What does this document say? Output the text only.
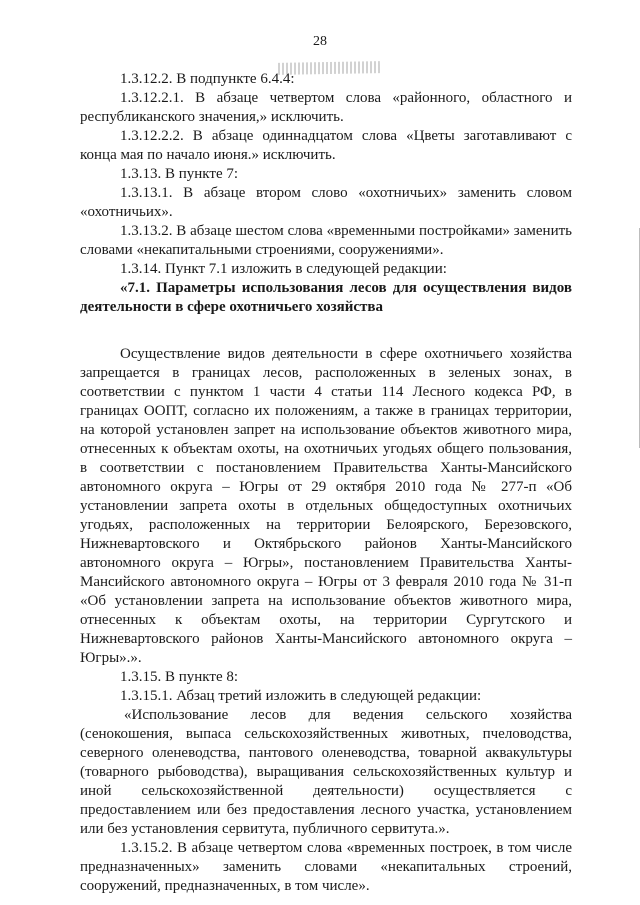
28

1.3.12.2. В подпункте 6.4.4:

1.3.12.2.1. В абзаце четвертом слова «районного, областного и республиканского значения,» исключить.

1.3.12.2.2. В абзаце одиннадцатом слова «Цветы заготавливают с конца мая по начало июня.» исключить.

1.3.13. В пункте 7:

1.3.13.1. В абзаце втором слово «охотничьих» заменить словом «охотничьих».

1.3.13.2. В абзаце шестом слова «временными постройками» заменить словами «некапитальными строениями, сооружениями».

1.3.14. Пункт 7.1 изложить в следующей редакции:

«7.1. Параметры использования лесов для осуществления видов деятельности в сфере охотничьего хозяйства

Осуществление видов деятельности в сфере охотничьего хозяйства запрещается в границах лесов, расположенных в зеленых зонах, в соответствии с пунктом 1 части 4 статьи 114 Лесного кодекса РФ, в границах ООПТ, согласно их положениям, а также в границах территории, на которой установлен запрет на использование объектов животного мира, отнесенных к объектам охоты, на охотничьих угодьях общего пользования, в соответствии с постановлением Правительства Ханты-Мансийского автономного округа – Югры от 29 октября 2010 года № 277-п «Об установлении запрета охоты в отдельных общедоступных охотничьих угодьях, расположенных на территории Белоярского, Березовского, Нижневартовского и Октябрьского районов Ханты-Мансийского автономного округа – Югры», постановлением Правительства Ханты-Мансийского автономного округа – Югры от 3 февраля 2010 года № 31-п «Об установлении запрета на использование объектов животного мира, отнесенных к объектам охоты, на территории Сургутского и Нижневартовского районов Ханты-Мансийского автономного округа – Югры».».

1.3.15. В пункте 8:

1.3.15.1. Абзац третий изложить в следующей редакции:

«Использование лесов для ведения сельского хозяйства (сенокошения, выпаса сельскохозяйственных животных, пчеловодства, северного оленеводства, пантового оленеводства, товарной аквакультуры (товарного рыбоводства), выращивания сельскохозяйственных культур и иной сельскохозяйственной деятельности) осуществляется с предоставлением или без предоставления лесного участка, установлением или без установления сервитута, публичного сервитута.».

1.3.15.2. В абзаце четвертом слова «временных построек, в том числе предназначенных» заменить словами «некапитальных строений, сооружений, предназначенных, в том числе».
